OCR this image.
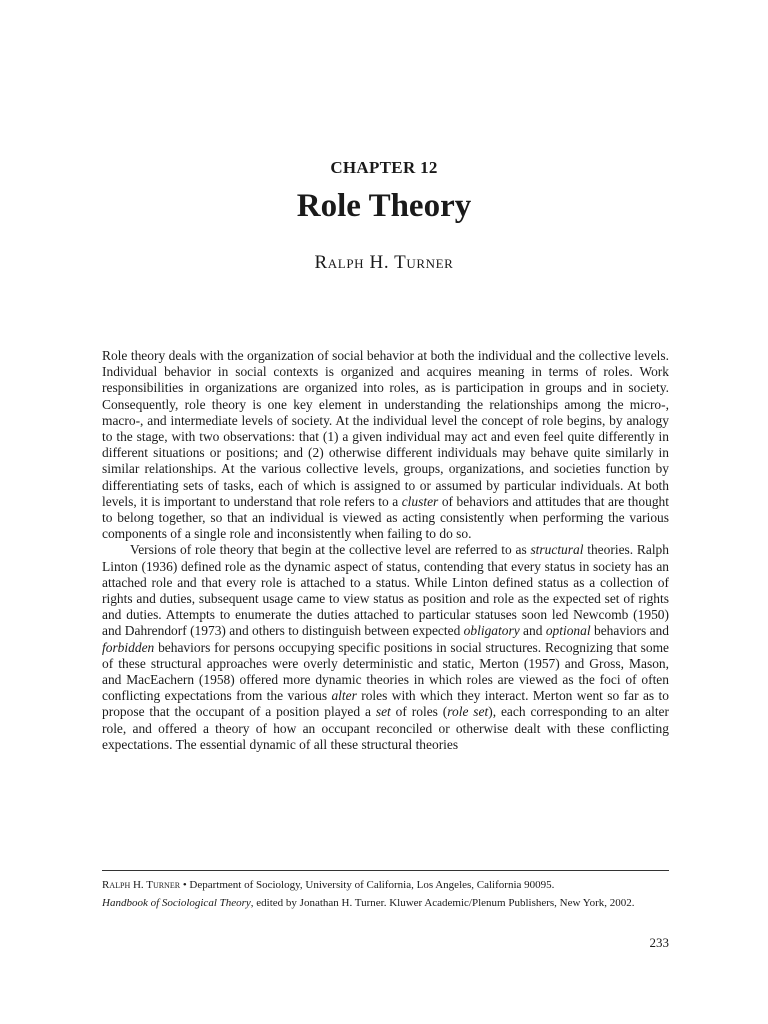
CHAPTER 12
Role Theory
Ralph H. Turner

Role theory deals with the organization of social behavior at both the individual and the collective levels. Individual behavior in social contexts is organized and acquires meaning in terms of roles. Work responsibilities in organizations are organized into roles, as is participation in groups and in society. Consequently, role theory is one key element in understanding the relationships among the micro-, macro-, and intermediate levels of society. At the individual level the concept of role begins, by analogy to the stage, with two observations: that (1) a given individual may act and even feel quite differently in different situations or positions; and (2) otherwise different individuals may behave quite similarly in similar relationships. At the various collective levels, groups, organizations, and societies function by differentiating sets of tasks, each of which is assigned to or assumed by particular individuals. At both levels, it is important to understand that role refers to a cluster of behaviors and attitudes that are thought to belong together, so that an individual is viewed as acting consistently when performing the various components of a single role and inconsistently when failing to do so.

Versions of role theory that begin at the collective level are referred to as structural theories. Ralph Linton (1936) defined role as the dynamic aspect of status, contending that every status in society has an attached role and that every role is attached to a status. While Linton defined status as a collection of rights and duties, subsequent usage came to view status as position and role as the expected set of rights and duties. Attempts to enumerate the duties attached to particular statuses soon led Newcomb (1950) and Dahrendorf (1973) and others to distinguish between expected obligatory and optional behaviors and forbidden behaviors for persons occupying specific positions in social structures. Recognizing that some of these structural approaches were overly deterministic and static, Merton (1957) and Gross, Mason, and MacEachern (1958) offered more dynamic theories in which roles are viewed as the foci of often conflicting expectations from the various alter roles with which they interact. Merton went so far as to propose that the occupant of a position played a set of roles (role set), each corresponding to an alter role, and offered a theory of how an occupant reconciled or otherwise dealt with these conflicting expectations. The essential dynamic of all these structural theories

Ralph H. Turner • Department of Sociology, University of California, Los Angeles, California 90095.

Handbook of Sociological Theory, edited by Jonathan H. Turner. Kluwer Academic/Plenum Publishers, New York, 2002.

233
